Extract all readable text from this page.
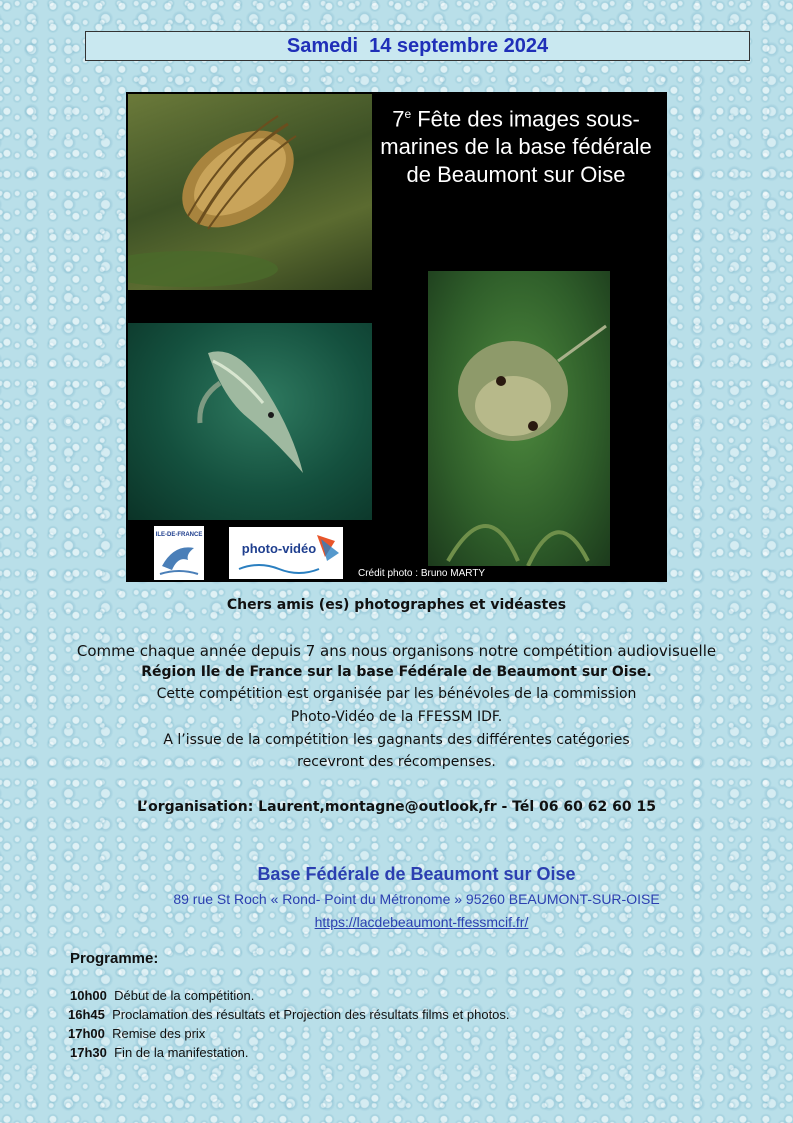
Samedi  14 septembre 2024
7e Fête des images sous-marines de la base fédérale de Beaumont sur Oise
ILE-DE-FRANCE
photo-vidéo
Crédit photo : Bruno MARTY
Chers amis (es) photographes et vidéastes
Comme chaque année depuis 7 ans nous organisons notre compétition audiovisuelle
Région Ile de France sur la base Fédérale de Beaumont sur Oise.
Cette compétition est organisée par les bénévoles de la commission
Photo-Vidéo de la FFESSM IDF.
A l’issue de la compétition les gagnants des différentes catégories
recevront des récompenses.
L’organisation: Laurent,montagne@outlook,fr - Tél 06 60 62 60 15
Base Fédérale de Beaumont sur Oise
89 rue St Roch « Rond- Point du Métronome » 95260 BEAUMONT-SUR-OISE
https://lacdebeaumont-ffessmcif.fr/
Programme:
10h00 Début de la compétition.
16h45 Proclamation des résultats et Projection des résultats films et photos.
17h00 Remise des prix
17h30 Fin de la manifestation.
